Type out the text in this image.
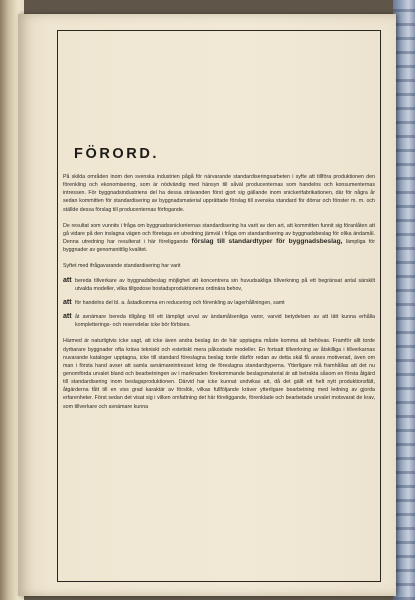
FÖRORD.

På skilda områden inom den svenska industrien pågå för närvarande standardiseringsarbeten i syfte att tillföra produktionen den förenkling och ekonomisering, som är nödvändig med hänsyn till såväl producenternas som handelns och konsumenternas intressen. För byggnadsindustriens del ha dessa strävanden först gjort sig gällande inom snickerifabrikationen, där för några år sedan kommitten för standardisering av byggnadsmaterial upprättade förslag till svenska standard för dörrar och fönster m. m. och ställde dessa förslag till producenternas förfogande.

De resultat som vunnits i fråga om byggnadssnickeriernas standardisering ha varit av den art, att kommitten funnit sig föranlåten att gå vidare på den inslagna vägen och företaga en utredning jämväl i fråga om standardisering av byggnadsbeslag för olika ändamål. Denna utredning har resulterat i här föreliggande förslag till standardtyper för byggnadsbeslag, lämpliga för byggnader av genomsnittlig kvalitet.

Syftet med ifrågavarande standardisering har varit

att bereda tillverkare av byggnadsbeslag möjlighet att koncentrera sin huvudsakliga tillverkning på ett begränsat antal särskilt utvalda modeller, vilka tillgodose bostadsproduktionens ordinära behov,
att för handelns del bl. a. åstadkomma en reducering och förenkling av lagerhållningen, samt
att åt avnämare bereda tillgång till ett lämpligt urval av ändamålsenliga varor, varvid betydelsen av att lätt kunna erhålla kompletterings- och reservdelar icke bör förbises.

Härmed är naturligtvis icke sagt, att icke även andra beslag än de här upptagna måste komma att behövas. Framför allt torde dyrbarare byggnader ofta kräva tekniskt och estetiskt mera påkostade modeller. En fortsatt tillverkning av åtskilliga i tillverkarnas nuvarande kataloger upptagna, icke till standard föreslagna beslag torde därför redan av detta skäl få anses motiverad, även om man i första hand avser att samla avnämareintresset kring de föreslagna standardtyperna. Ytterligare må framhållas att det nu genomförda urvalet bland och bearbetningen av i marknaden förekommande beslagsmaterial är att betrakta såsom en första åtgärd till standardisering inom beslagsproduktionen. Därvid har icke kunnat undvikas att, då det gällt ett helt nytt produktionsfält, åtgärderna fått till en viss grad karaktär av förslök, vilkas fullföljande kräver ytterligare bearbetning med ledning av gjorda erfarenheter. Först sedan det visat sig i vilken omfattning det här föreliggande, förenklade och bearbetade urvalet motsvarat de krav, som tillverkare och avnämare kunna
